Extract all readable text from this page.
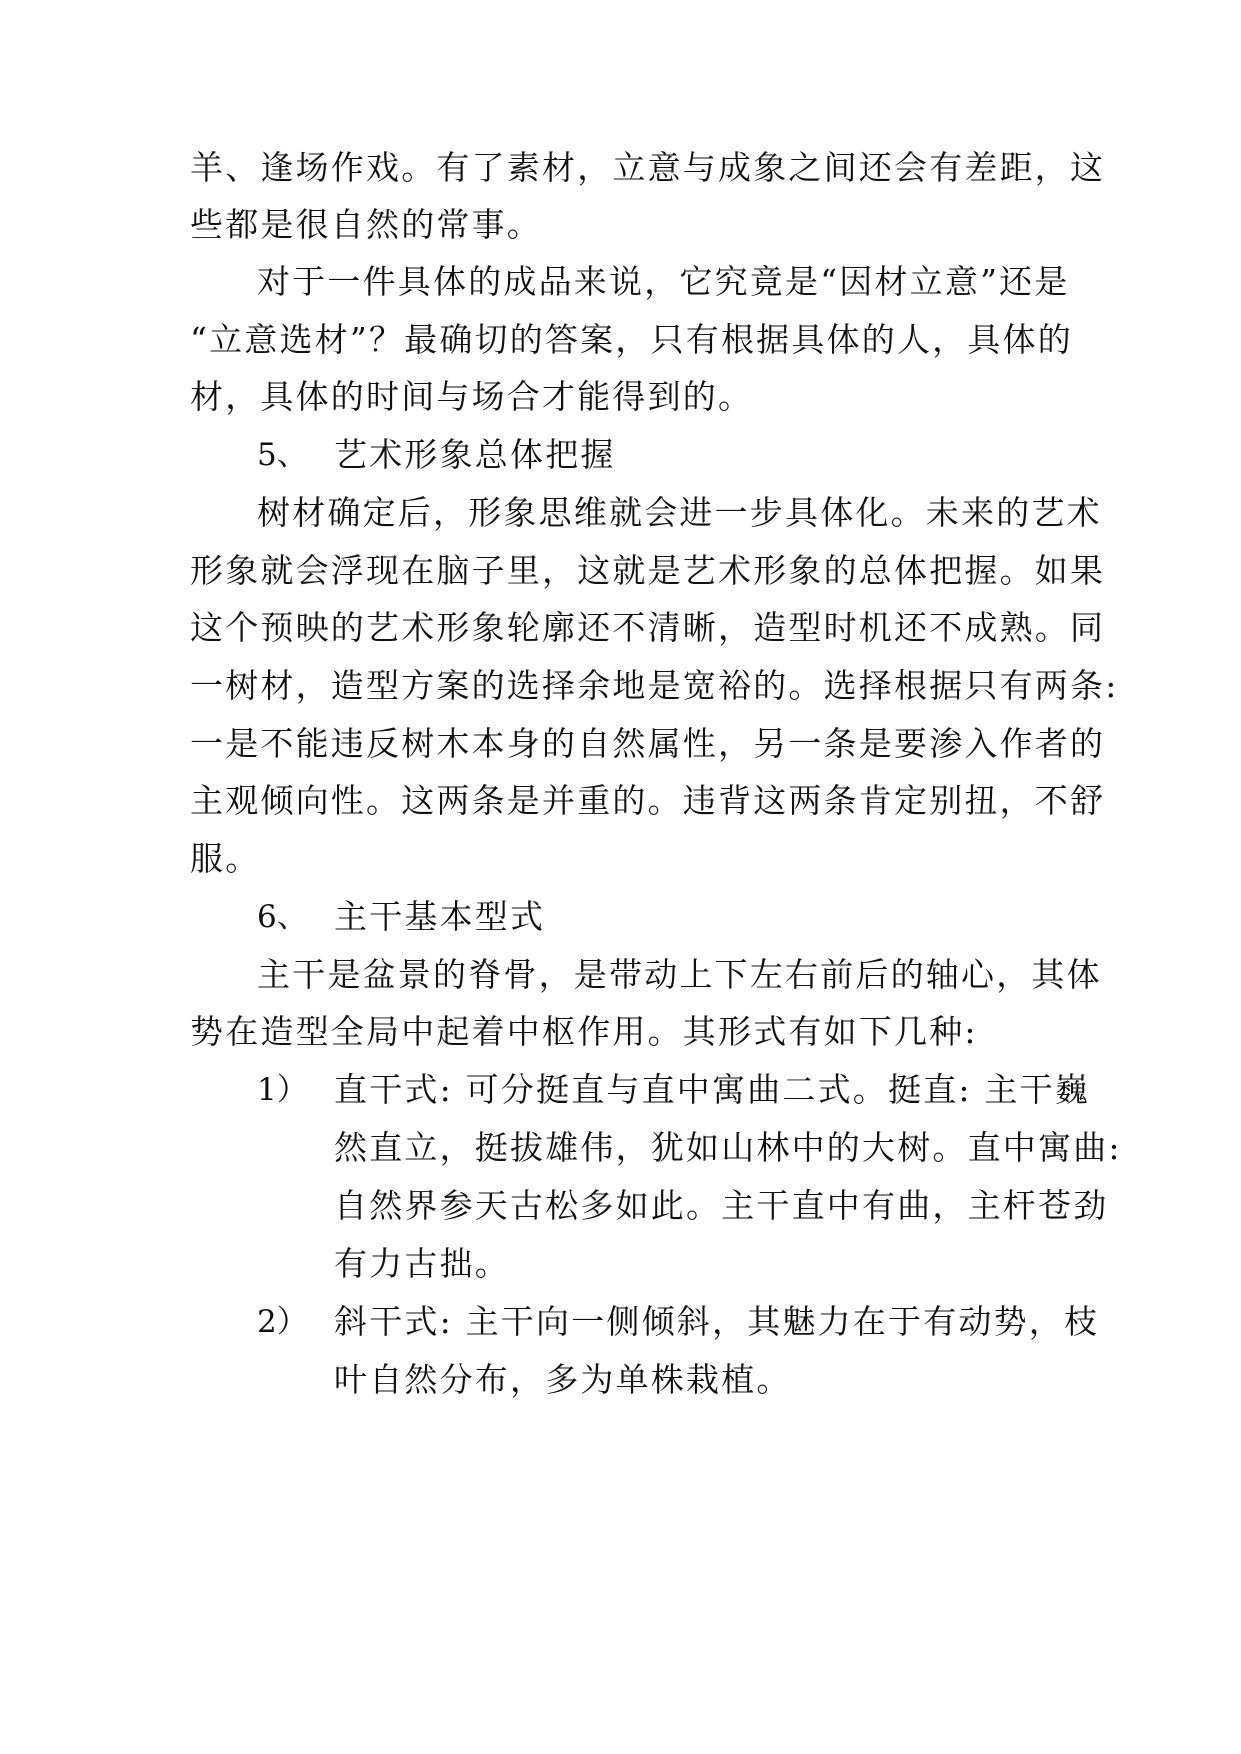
羊、逢场作戏。有了素材，立意与成象之间还会有差距，这
些都是很自然的常事。
对于一件具体的成品来说，它究竟是“因材立意”还是
“立意选材”？最确切的答案，只有根据具体的人，具体的
材，具体的时间与场合才能得到的。
5、 艺术形象总体把握
树材确定后，形象思维就会进一步具体化。未来的艺术
形象就会浮现在脑子里，这就是艺术形象的总体把握。如果
这个预映的艺术形象轮廓还不清晰，造型时机还不成熟。同
一树材，造型方案的选择余地是宽裕的。选择根据只有两条:
一是不能违反树木本身的自然属性，另一条是要渗入作者的
主观倾向性。这两条是并重的。违背这两条肯定别扭，不舒
服。
6、 主干基本型式
主干是盆景的脊骨，是带动上下左右前后的轴心，其体
势在造型全局中起着中枢作用。其形式有如下几种:
1） 直干式: 可分挺直与直中寓曲二式。挺直: 主干巍
然直立，挺拔雄伟，犹如山林中的大树。直中寓曲:
自然界参天古松多如此。主干直中有曲，主杆苍劲
有力古拙。
2） 斜干式: 主干向一侧倾斜，其魅力在于有动势，枝
叶自然分布，多为单株栽植。
